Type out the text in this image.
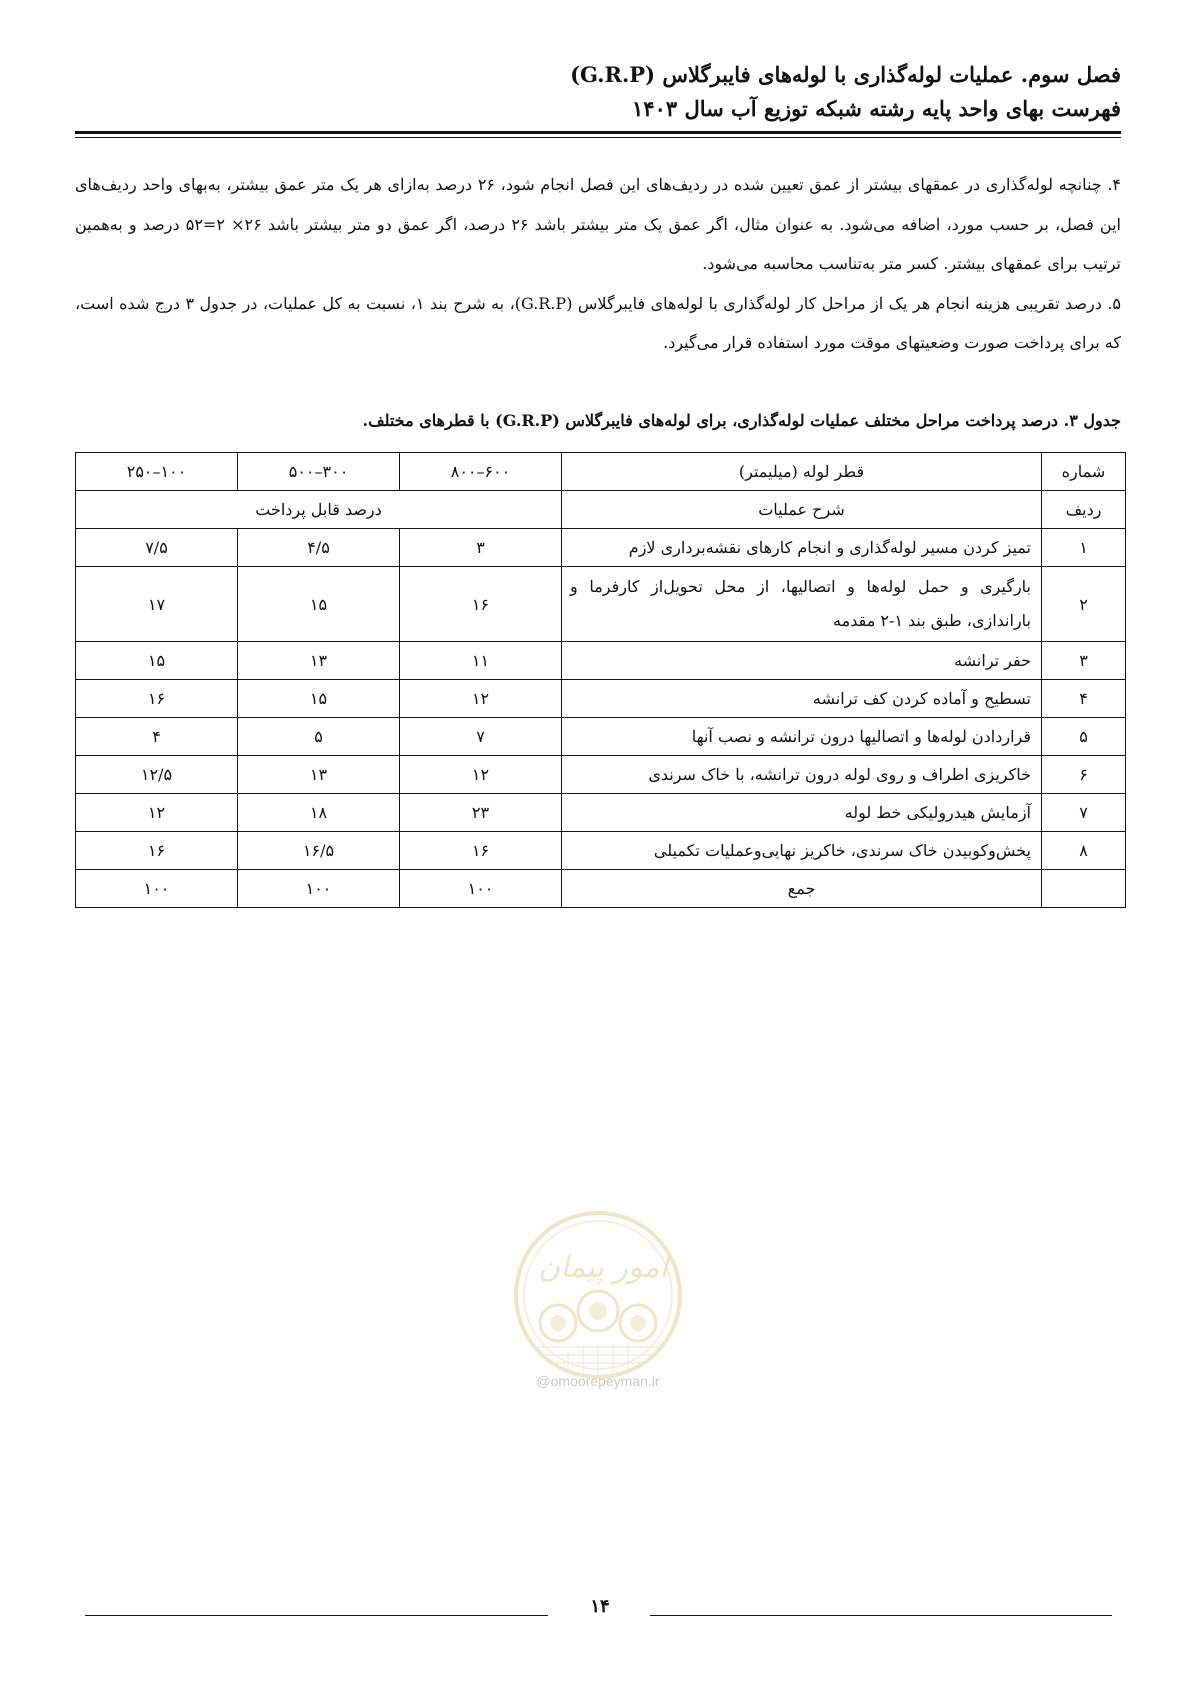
فصل سوم. عملیات لوله‌گذاری با لوله‌های فایبرگلاس (G.R.P)
فهرست بهای واحد پایه رشته شبکه توزیع آب سال ۱۴۰۳

۴. چنانچه لوله‌گذاری در عمقهای بیشتر از عمق تعیین شده در ردیف‌های این فصل انجام شود، ۲۶ درصد به‌ازای هر یک متر عمق بیشتر، به‌بهای واحد ردیف‌های این فصل، بر حسب مورد، اضافه می‌شود. به عنوان مثال، اگر عمق یک متر بیشتر باشد ۲۶ درصد، اگر عمق دو متر بیشتر باشد ۲۶× ۲=۵۲ درصد و به‌همین ترتیب برای عمقهای بیشتر. کسر متر به‌تناسب محاسبه می‌شود.

۵. درصد تقریبی هزینه انجام هر یک از مراحل کار لوله‌گذاری با لوله‌های فایبرگلاس (G.R.P)، به شرح بند ۱، نسبت به کل عملیات، در جدول ۳ درج شده است، که برای پرداخت صورت وضعیتهای موقت مورد استفاده قرار می‌گیرد.

جدول ۳. درصد پرداخت مراحل مختلف عملیات لوله‌گذاری، برای لوله‌های فایبرگلاس (G.R.P) با قطرهای مختلف.
شماره	قطر لوله (میلیمتر)	۶۰۰–۸۰۰	۳۰۰–۵۰۰	۱۰۰–۲۵۰
ردیف	شرح عملیات	درصد قابل پرداخت		
۱	تمیز کردن مسیر لوله‌گذاری و انجام کارهای نقشه‌برداری لازم	۳	۴/۵	۷/۵
۲	بارگیری و حمل لوله‌ها و اتصالیها، از محل تحویل‌از کارفرما و باراندازی، طبق بند ۱-۲ مقدمه	۱۶	۱۵	۱۷
۳	حفر ترانشه	۱۱	۱۳	۱۵
۴	تسطیح و آماده کردن کف ترانشه	۱۲	۱۵	۱۶
۵	قراردادن لوله‌ها و اتصالیها درون ترانشه و نصب آنها	۷	۵	۴
۶	خاکریزی اطراف و روی لوله درون ترانشه، با خاک سرندی	۱۲	۱۳	۱۲/۵
۷	آزمایش هیدرولیکی خط لوله	۲۳	۱۸	۱۲
۸	پخش‌وکوبیدن خاک سرندی، خاکریز نهایی‌وعملیات تکمیلی	۱۶	۱۶/۵	۱۶
	جمع	۱۰۰	۱۰۰	۱۰۰
امور پیمان
@omoorepeyman.ir
۱۴
